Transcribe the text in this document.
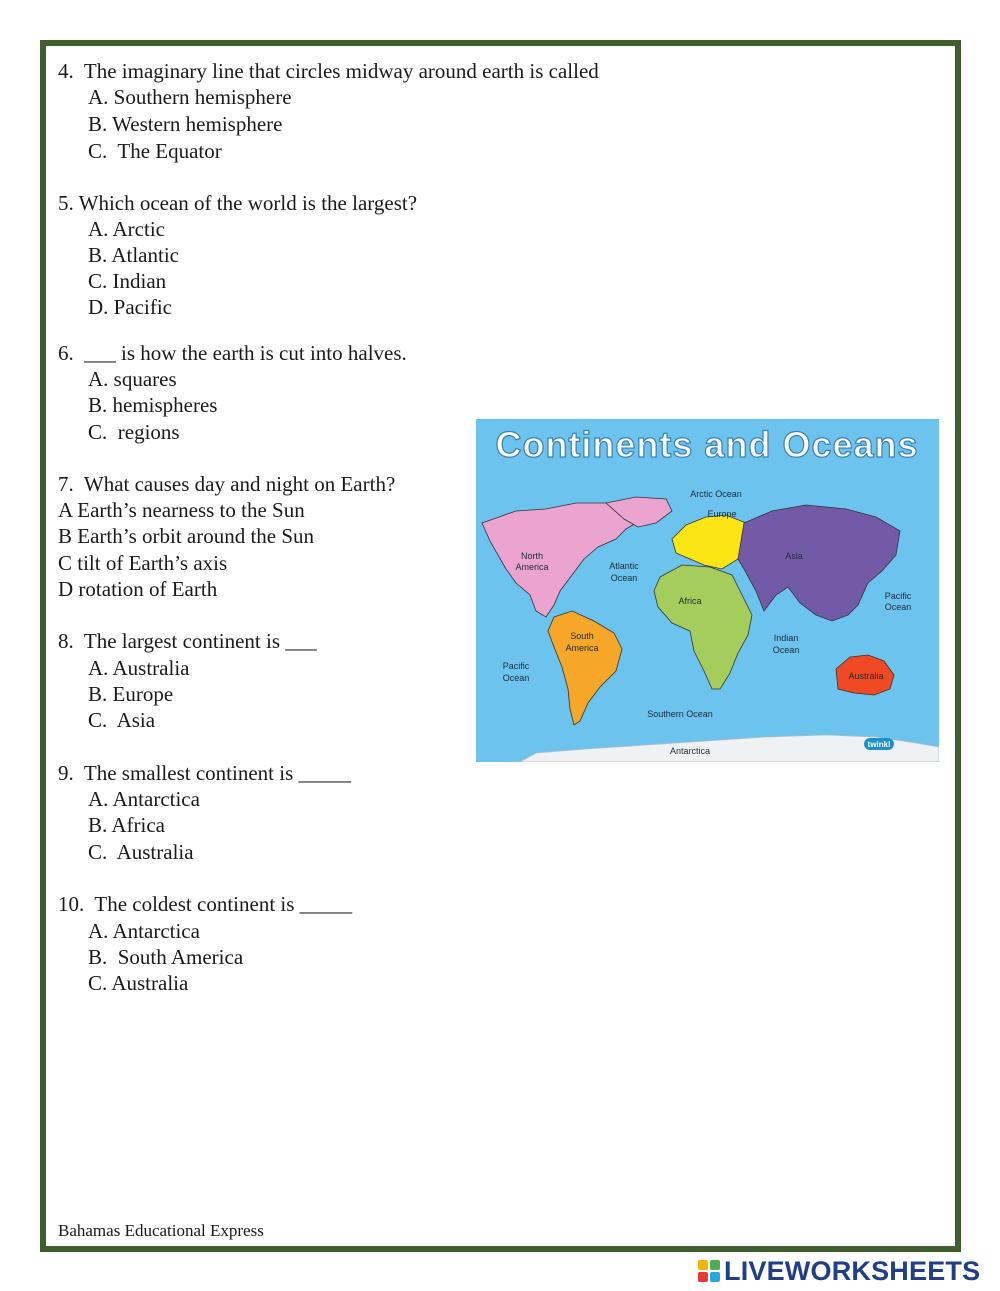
4.  The imaginary line that circles midway around earth is called
A. Southern hemisphere
B. Western hemisphere
C.  The Equator
5. Which ocean of the world is the largest?
A. Arctic
B. Atlantic
C. Indian
D. Pacific
6.  ___ is how the earth is cut into halves.
A. squares
B. hemispheres
C.  regions
7.  What causes day and night on Earth?
A Earth’s nearness to the Sun
B Earth’s orbit around the Sun
C tilt of Earth’s axis
D rotation of Earth
8.  The largest continent is ___
A. Australia
B. Europe
C.  Asia
9.  The smallest continent is _____
A. Antarctica
B. Africa
C.  Australia
10.  The coldest continent is _____
A. Antarctica
B.  South America
C. Australia
Continents and Oceans
Arctic Ocean
Europe
Asia
North
America	Atlantic
Ocean
Africa	Pacific
Ocean
South
America
Indian
Ocean
Pacific
Ocean	Australia
Southern Ocean
Antarctica
twinkl
Bahamas Educational Express
LIVEWORKSHEETS
